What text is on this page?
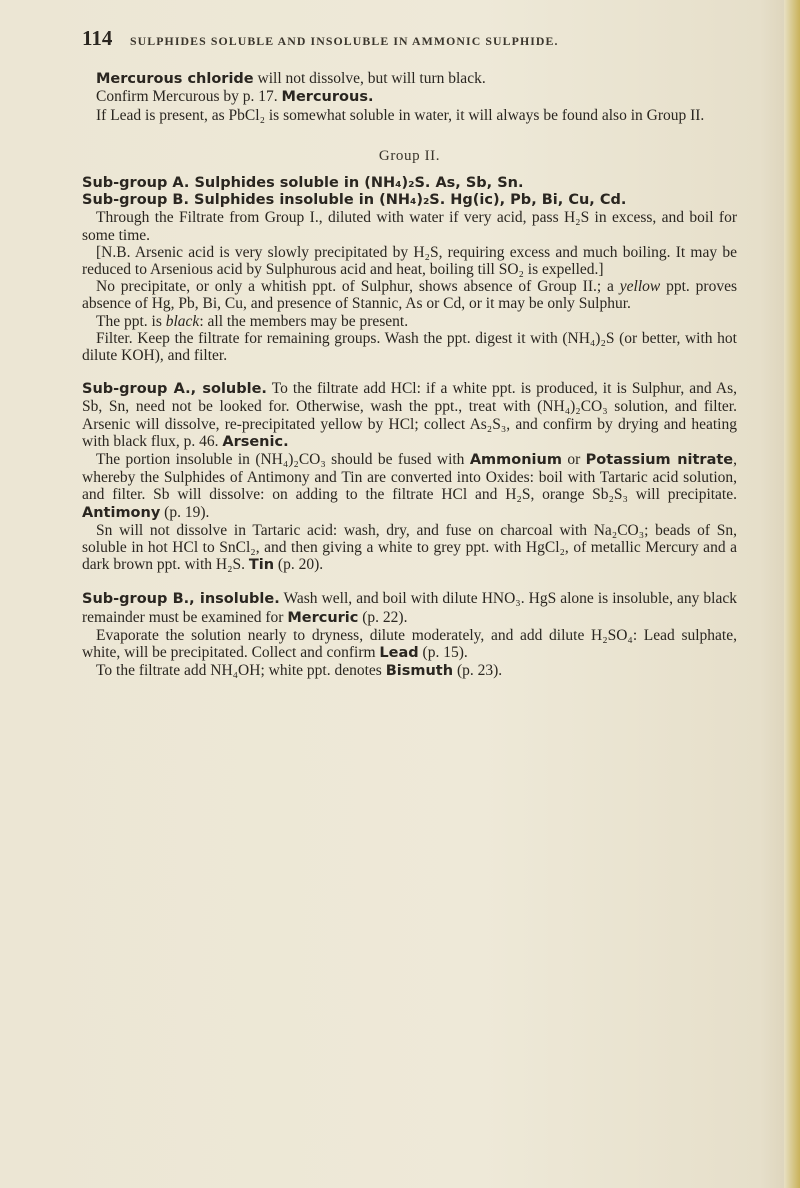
114	SULPHIDES SOLUBLE AND INSOLUBLE IN AMMONIC SULPHIDE.

Mercurous chloride will not dissolve, but will turn black.

Confirm Mercurous by p. 17. Mercurous.

If Lead is present, as PbCl₂ is somewhat soluble in water, it will always be found also in Group II.

Group II.

Sub-group A. Sulphides soluble in (NH₄)₂S. As, Sb, Sn.

Sub-group B. Sulphides insoluble in (NH₄)₂S. Hg(ic), Pb, Bi, Cu, Cd.

Through the Filtrate from Group I., diluted with water if very acid, pass H₂S in excess, and boil for some time.

[N.B. Arsenic acid is very slowly precipitated by H₂S, requiring excess and much boiling. It may be reduced to Arsenious acid by Sulphurous acid and heat, boiling till SO₂ is expelled.]

No precipitate, or only a whitish ppt. of Sulphur, shows absence of Group II.; a yellow ppt. proves absence of Hg, Pb, Bi, Cu, and presence of Stannic, As or Cd, or it may be only Sulphur.

The ppt. is black: all the members may be present.

Filter. Keep the filtrate for remaining groups. Wash the ppt. digest it with (NH₄)₂S (or better, with hot dilute KOH), and filter.

Sub-group A., soluble. To the filtrate add HCl: if a white ppt. is produced, it is Sulphur, and As, Sb, Sn, need not be looked for. Otherwise, wash the ppt., treat with (NH₄)₂CO₃ solution, and filter. Arsenic will dissolve, re-precipitated yellow by HCl; collect As₂S₃, and confirm by drying and heating with black flux, p. 46. Arsenic.

The portion insoluble in (NH₄)₂CO₃ should be fused with Ammonium or Potassium nitrate, whereby the Sulphides of Antimony and Tin are converted into Oxides: boil with Tartaric acid solution, and filter. Sb will dissolve: on adding to the filtrate HCl and H₂S, orange Sb₂S₃ will precipitate. Antimony (p. 19).

Sn will not dissolve in Tartaric acid: wash, dry, and fuse on charcoal with Na₂CO₃; beads of Sn, soluble in hot HCl to SnCl₂, and then giving a white to grey ppt. with HgCl₂, of metallic Mercury and a dark brown ppt. with H₂S. Tin (p. 20).

Sub-group B., insoluble. Wash well, and boil with dilute HNO₃. HgS alone is insoluble, any black remainder must be examined for Mercuric (p. 22).

Evaporate the solution nearly to dryness, dilute moderately, and add dilute H₂SO₄: Lead sulphate, white, will be precipitated. Collect and confirm Lead (p. 15).

To the filtrate add NH₄OH; white ppt. denotes Bismuth (p. 23).
